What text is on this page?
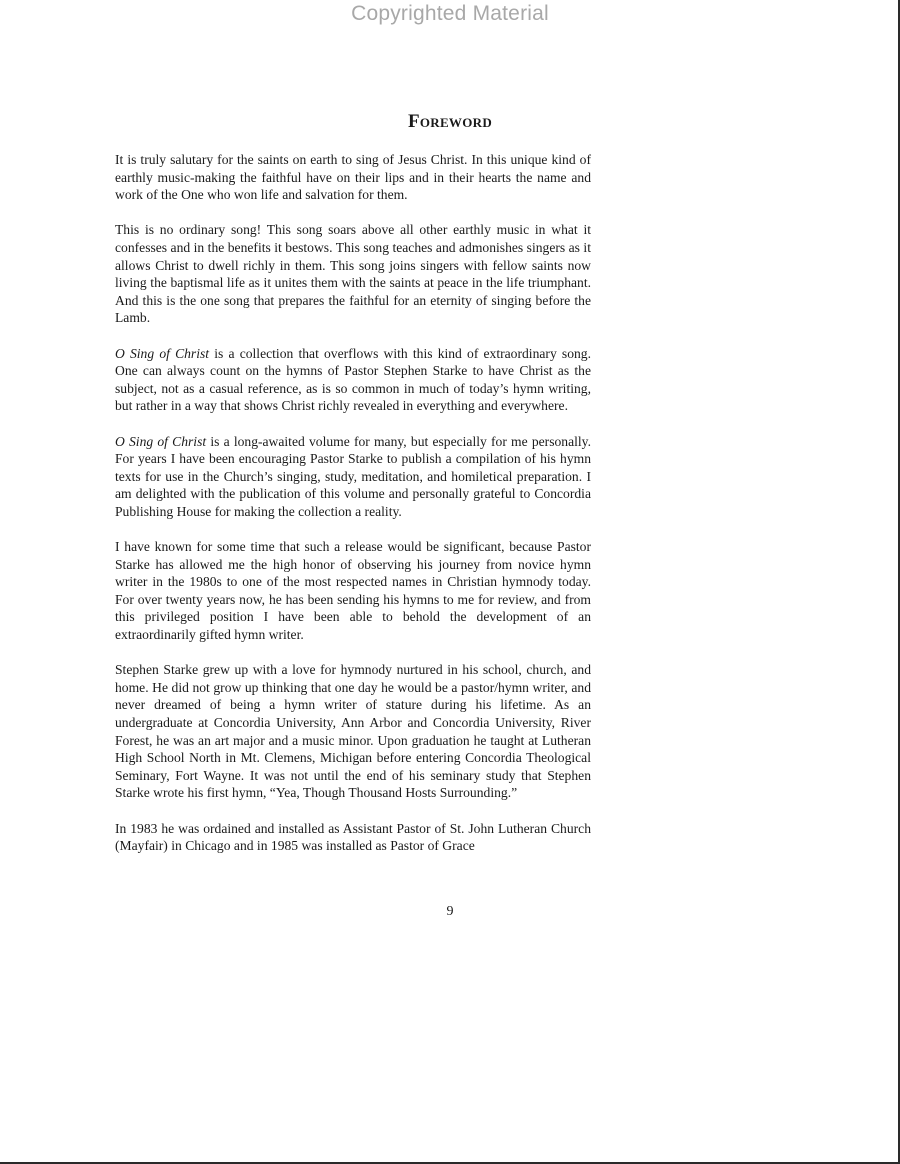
Copyrighted Material
Foreword

It is truly salutary for the saints on earth to sing of Jesus Christ. In this unique kind of earthly music-making the faithful have on their lips and in their hearts the name and work of the One who won life and salvation for them.

This is no ordinary song! This song soars above all other earthly music in what it confesses and in the benefits it bestows. This song teaches and admonishes singers as it allows Christ to dwell richly in them. This song joins singers with fellow saints now living the baptismal life as it unites them with the saints at peace in the life triumphant. And this is the one song that prepares the faithful for an eternity of singing before the Lamb.

O Sing of Christ is a collection that overflows with this kind of extraordinary song. One can always count on the hymns of Pastor Stephen Starke to have Christ as the subject, not as a casual reference, as is so common in much of today’s hymn writing, but rather in a way that shows Christ richly revealed in everything and everywhere.

O Sing of Christ is a long-awaited volume for many, but especially for me personally. For years I have been encouraging Pastor Starke to publish a compilation of his hymn texts for use in the Church’s singing, study, meditation, and homiletical preparation. I am delighted with the publication of this volume and personally grateful to Concordia Publishing House for making the collection a reality.

I have known for some time that such a release would be significant, because Pastor Starke has allowed me the high honor of observing his journey from novice hymn writer in the 1980s to one of the most respected names in Christian hymnody today. For over twenty years now, he has been sending his hymns to me for review, and from this privileged position I have been able to behold the development of an extraordinarily gifted hymn writer.

Stephen Starke grew up with a love for hymnody nurtured in his school, church, and home. He did not grow up thinking that one day he would be a pastor/hymn writer, and never dreamed of being a hymn writer of stature during his lifetime. As an undergraduate at Concordia University, Ann Arbor and Concordia University, River Forest, he was an art major and a music minor. Upon graduation he taught at Lutheran High School North in Mt. Clemens, Michigan before entering Concordia Theological Seminary, Fort Wayne. It was not until the end of his seminary study that Stephen Starke wrote his first hymn, “Yea, Though Thousand Hosts Surrounding.”

In 1983 he was ordained and installed as Assistant Pastor of St. John Lutheran Church (Mayfair) in Chicago and in 1985 was installed as Pastor of Grace

9
